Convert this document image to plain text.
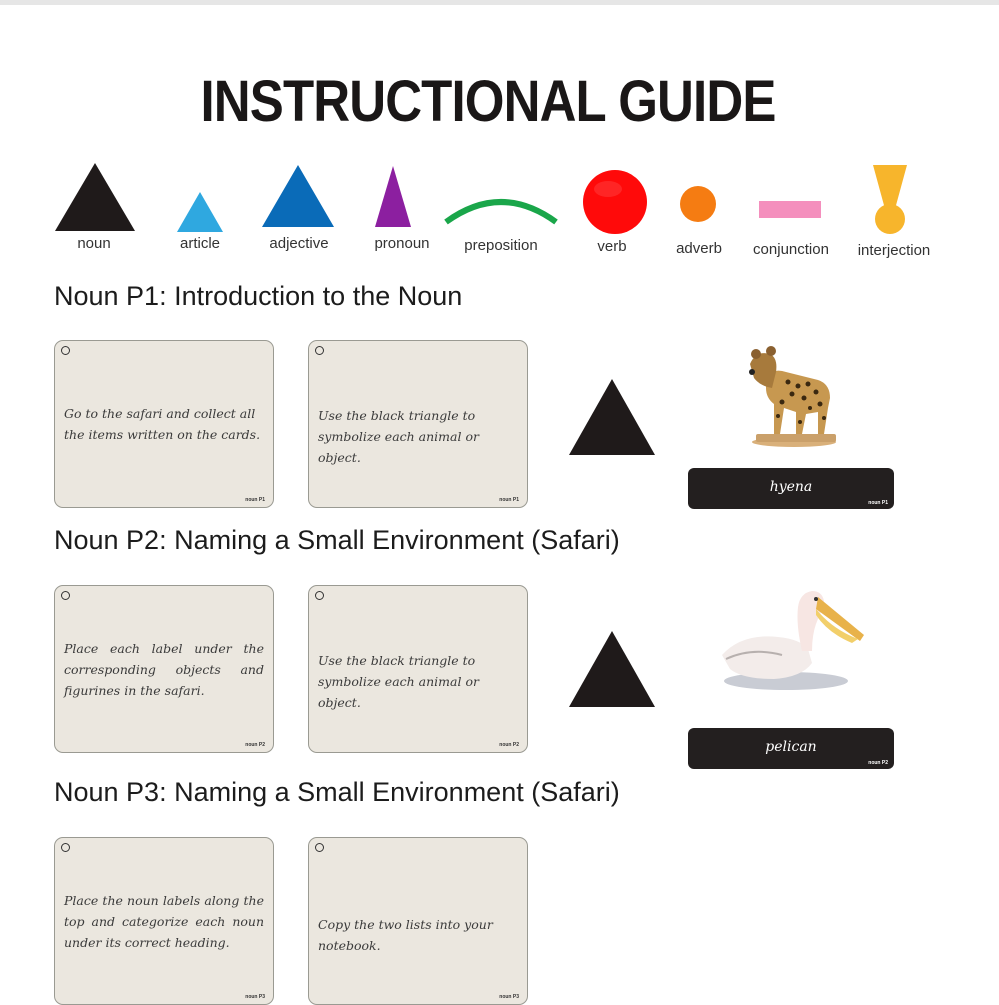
INSTRUCTIONAL GUIDE
noun	article	adjective	pronoun	preposition	verb	adverb	conjunction	interjection
Noun P1: Introduction to the Noun
Go to the safari and collect all the items written on the cards.
noun P1
Use the black triangle to symbolize each animal or object.
noun P1
hyena
noun P1
Noun P2: Naming a Small Environment (Safari)
Place each label under the corresponding objects and figurines in the safari.
noun P2
Use the black triangle to symbolize each animal or object.
noun P2	pelican
noun P2
Noun P3: Naming a Small Environment (Safari)
Place the noun labels along the top and categorize each noun under its correct heading.
noun P3
Copy the two lists into your notebook.
noun P3
